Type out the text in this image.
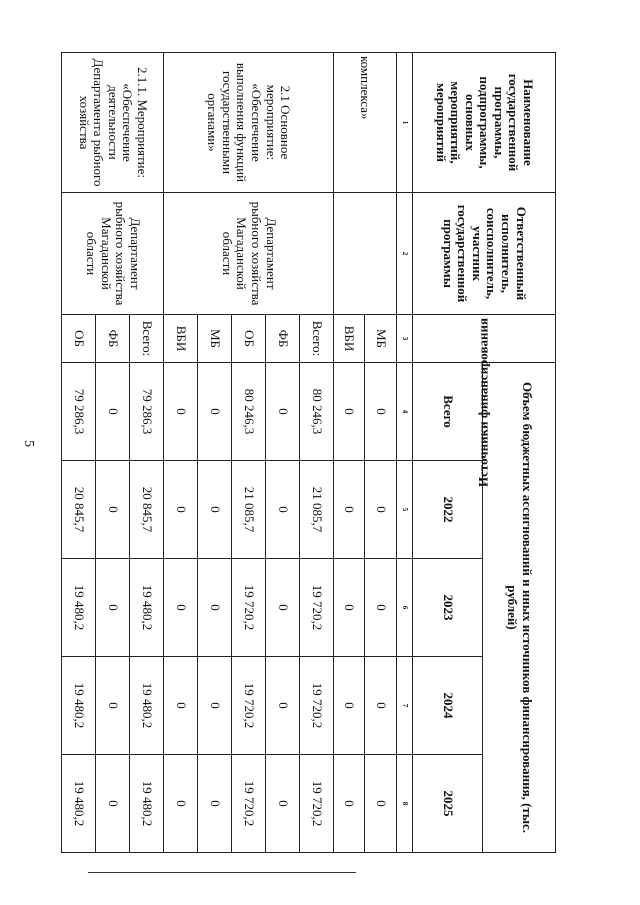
5
Наименование государственной программы, подпрограммы, основных мероприятий, мероприятий	Ответственный исполнитель, соисполнитель, участник государственной программы	Источники финансирования	Объем бюджетных ассигнований и иных источников финансирования, (тыс. рублей)				
			Всего	2022	2023	2024	2025
1	2	3	4	5	6	7	8
комплекса»		МБ	0	0	0	0	0
		ВБИ	0	0	0	0	0
2.1 Основное мероприятие: «Обеспечение выполнения функций государственными органами»	Департамент рыбного хозяйства Магаданской области	Всего:	80 246,3	21 085,7	19 720,2	19 720,2	19 720,2
		ФБ	0	0	0	0	0
		ОБ	80 246,3	21 085,7	19 720,2	19 720,2	19 720,2
		МБ	0	0	0	0	0
		ВБИ	0	0	0	0	0
2.1.1. Мероприятие: «Обеспечение деятельности Департамента рыбного хозяйства	Департамент рыбного хозяйства Магаданской области	Всего:	79 286,3	20 845,7	19 480,2	19 480,2	19 480,2
		ФБ	0	0	0	0	0
		ОБ	79 286,3	20 845,7	19 480,2	19 480,2	19 480,2
